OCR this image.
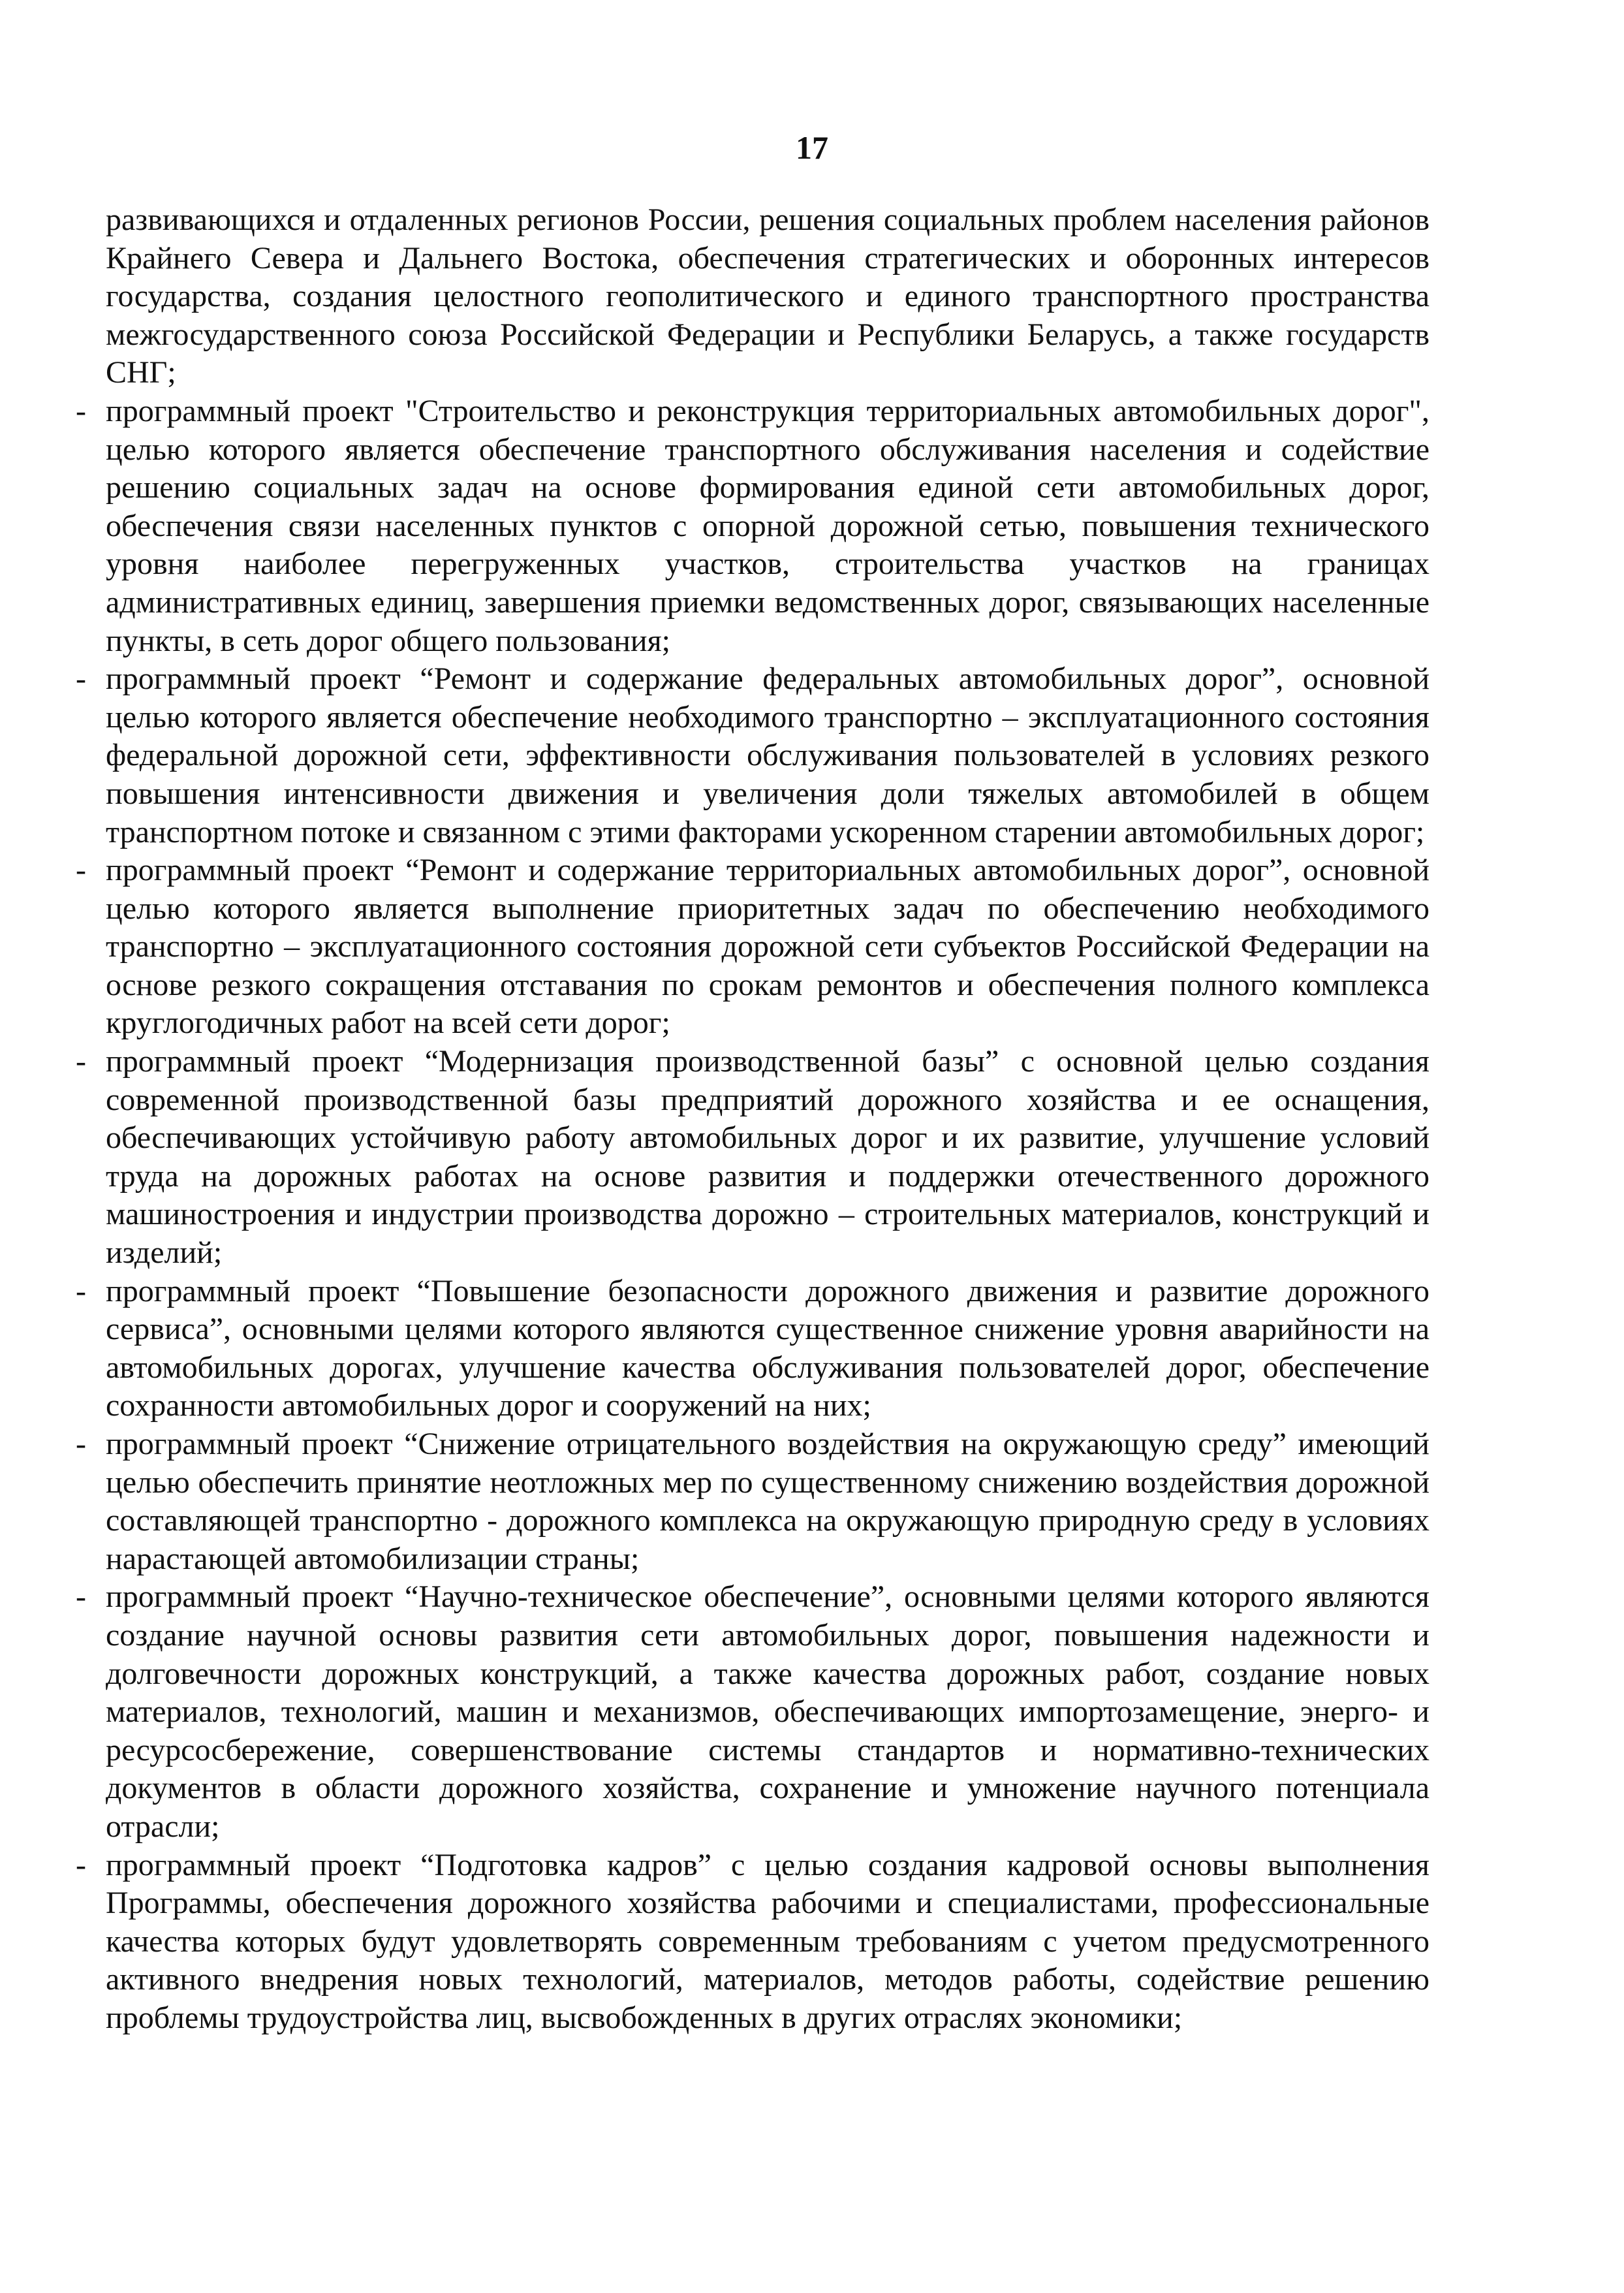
17

развивающихся и отдаленных регионов России, решения социальных проблем населения районов Крайнего Севера и Дальнего Востока, обеспечения стратегических и оборонных интересов государства, создания целостного геополитического и единого транспортного пространства межгосударственного союза Российской Федерации и Республики Беларусь, а также государств СНГ;

- программный проект "Строительство и реконструкция территориальных автомобильных дорог", целью которого является обеспечение транспортного обслуживания населения и содействие решению социальных задач на основе формирования единой сети автомобильных дорог, обеспечения связи населенных пунктов с опорной дорожной сетью, повышения технического уровня наиболее перегруженных участков, строительства участков на границах административных единиц, завершения приемки ведомственных дорог, связывающих населенные пункты, в сеть дорог общего пользования;

- программный проект “Ремонт и содержание федеральных автомобильных дорог”, основной целью которого является обеспечение необходимого транспортно – эксплуатационного состояния федеральной дорожной сети, эффективности обслуживания пользователей в условиях резкого повышения интенсивности движения и увеличения доли тяжелых автомобилей в общем транспортном потоке и связанном с этими факторами ускоренном старении автомобильных дорог;

- программный проект “Ремонт и содержание территориальных автомобильных дорог”, основной целью которого является выполнение приоритетных задач по обеспечению необходимого транспортно – эксплуатационного состояния дорожной сети субъектов Российской Федерации на основе резкого сокращения отставания по срокам ремонтов и обеспечения полного комплекса круглогодичных работ на всей сети дорог;

- программный проект “Модернизация производственной базы” с основной целью создания современной производственной базы предприятий дорожного хозяйства и ее оснащения, обеспечивающих устойчивую работу автомобильных дорог и их развитие, улучшение условий труда на дорожных работах на основе развития и поддержки отечественного дорожного машиностроения и индустрии производства дорожно – строительных материалов, конструкций и изделий;

- программный проект “Повышение безопасности дорожного движения и развитие дорожного сервиса”, основными целями которого являются существенное снижение уровня аварийности на автомобильных дорогах, улучшение качества обслуживания пользователей дорог, обеспечение сохранности автомобильных дорог и сооружений на них;

- программный проект “Снижение отрицательного воздействия на окружающую среду” имеющий целью обеспечить принятие неотложных мер по существенному снижению воздействия дорожной составляющей транспортно - дорожного комплекса на окружающую природную среду в условиях нарастающей автомобилизации страны;

- программный проект “Научно-техническое обеспечение”, основными целями которого являются создание научной основы развития сети автомобильных дорог, повышения надежности и долговечности дорожных конструкций, а также качества дорожных работ, создание новых материалов, технологий, машин и механизмов, обеспечивающих импортозамещение, энерго- и ресурсосбережение, совершенствование системы стандартов и нормативно-технических документов в области дорожного хозяйства, сохранение и умножение научного потенциала отрасли;

- программный проект “Подготовка кадров” с целью создания кадровой основы выполнения Программы, обеспечения дорожного хозяйства рабочими и специалистами, профессиональные качества которых будут удовлетворять современным требованиям с учетом предусмотренного активного внедрения новых технологий, материалов, методов работы, содействие решению проблемы трудоустройства лиц, высвобожденных в других отраслях экономики;
